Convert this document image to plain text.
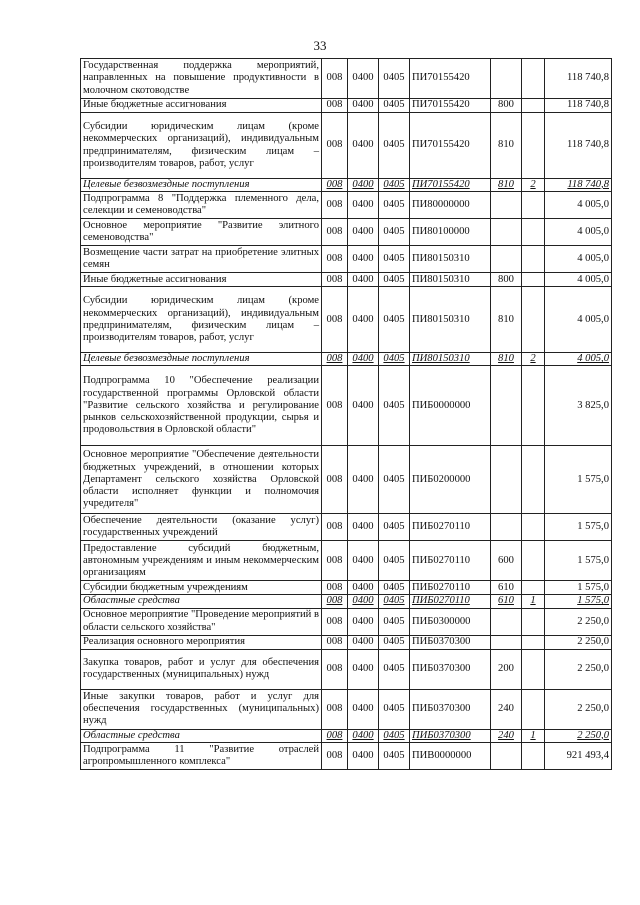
33
Государственная поддержка мероприятий, направленных на повышение продуктивности в молочном скотоводстве	008	0400	0405	ПИ70155420			118 740,8
Иные бюджетные ассигнования	008	0400	0405	ПИ70155420	800		118 740,8
Субсидии юридическим лицам (кроме некоммерческих организаций), индивидуальным предпринимателям, физическим лицам – производителям товаров, работ, услуг	008	0400	0405	ПИ70155420	810		118 740,8
Целевые безвозмездные поступления	008	0400	0405	ПИ70155420	810	2	118 740,8
Подпрограмма 8 "Поддержка племенного дела, селекции и семеноводства"	008	0400	0405	ПИ80000000			4 005,0
Основное мероприятие "Развитие элитного семеноводства"	008	0400	0405	ПИ80100000			4 005,0
Возмещение части затрат на приобретение элитных семян	008	0400	0405	ПИ80150310			4 005,0
Иные бюджетные ассигнования	008	0400	0405	ПИ80150310	800		4 005,0
Субсидии юридическим лицам (кроме некоммерческих организаций), индивидуальным предпринимателям, физическим лицам – производителям товаров, работ, услуг	008	0400	0405	ПИ80150310	810		4 005,0
Целевые безвозмездные поступления	008	0400	0405	ПИ80150310	810	2	4 005,0
Подпрограмма 10 "Обеспечение реализации государственной программы Орловской области "Развитие сельского хозяйства и регулирование рынков сельскохозяйственной продукции, сырья и продовольствия в Орловской области"	008	0400	0405	ПИБ0000000			3 825,0
Основное мероприятие "Обеспечение деятельности бюджетных учреждений, в отношении которых Департамент сельского хозяйства Орловской области исполняет функции и полномочия учредителя"	008	0400	0405	ПИБ0200000			1 575,0
Обеспечение деятельности (оказание услуг) государственных учреждений	008	0400	0405	ПИБ0270110			1 575,0
Предоставление субсидий бюджетным, автономным учреждениям и иным некоммерческим организациям	008	0400	0405	ПИБ0270110	600		1 575,0
Субсидии бюджетным учреждениям	008	0400	0405	ПИБ0270110	610		1 575,0
Областные средства	008	0400	0405	ПИБ0270110	610	1	1 575,0
Основное мероприятие "Проведение мероприятий в области сельского хозяйства"	008	0400	0405	ПИБ0300000			2 250,0
Реализация основного мероприятия	008	0400	0405	ПИБ0370300			2 250,0
Закупка товаров, работ и услуг для обеспечения государственных (муниципальных) нужд	008	0400	0405	ПИБ0370300	200		2 250,0
Иные закупки товаров, работ и услуг для обеспечения государственных (муниципальных) нужд	008	0400	0405	ПИБ0370300	240		2 250,0
Областные средства	008	0400	0405	ПИБ0370300	240	1	2 250,0
Подпрограмма 11 "Развитие отраслей агропромышленного комплекса"	008	0400	0405	ПИВ0000000			921 493,4
